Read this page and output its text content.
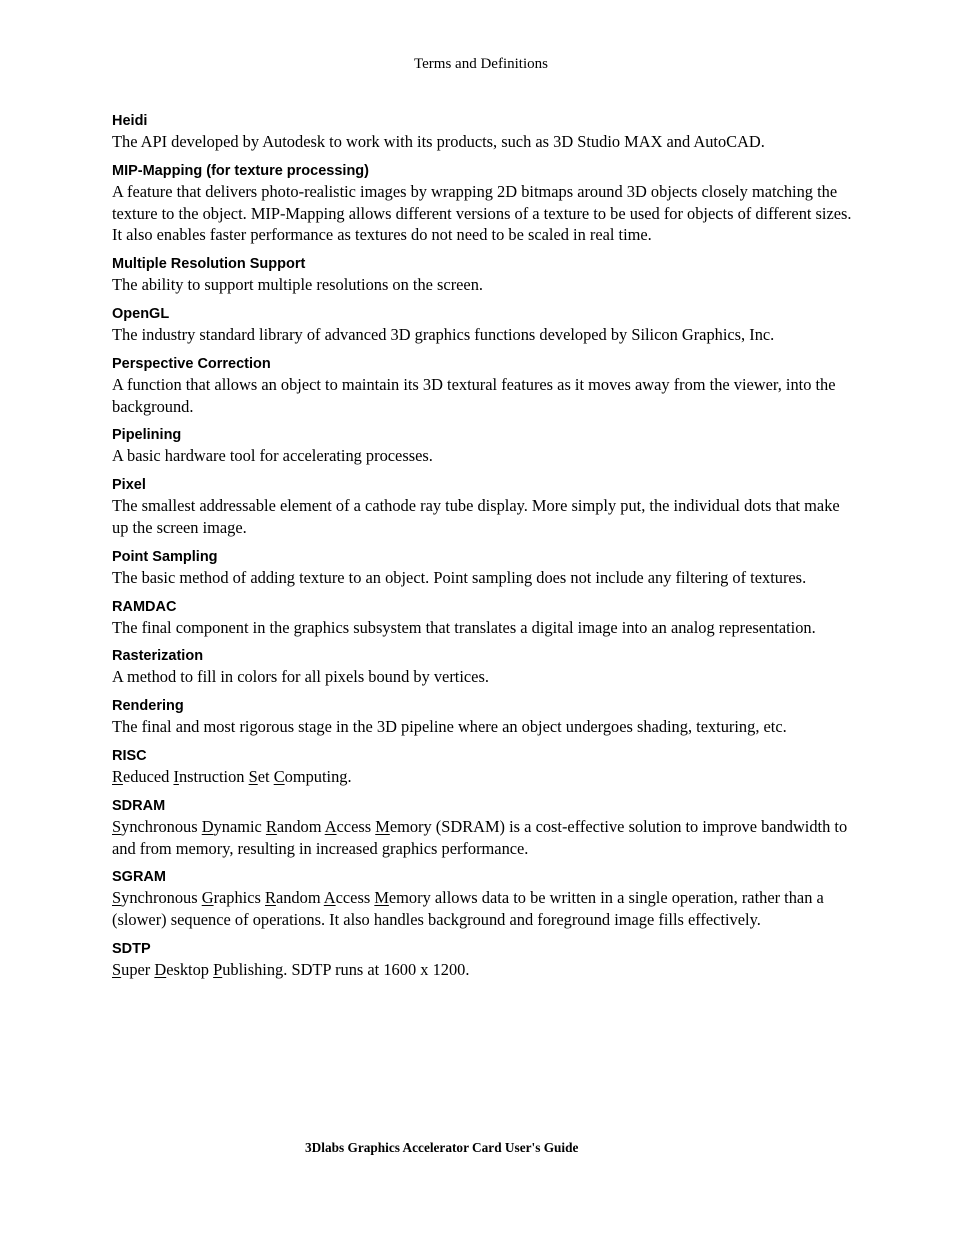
Terms and Definitions
Heidi
The API developed by Autodesk to work with its products, such as 3D Studio MAX and AutoCAD.
MIP-Mapping (for texture processing)
A feature that delivers photo-realistic images by wrapping 2D bitmaps around 3D objects closely matching the texture to the object. MIP-Mapping allows different versions of a texture to be used for objects of different sizes. It also enables faster performance as textures do not need to be scaled in real time.
Multiple Resolution Support
The ability to support multiple resolutions on the screen.
OpenGL
The industry standard library of advanced 3D graphics functions developed by Silicon Graphics, Inc.
Perspective Correction
A function that allows an object to maintain its 3D textural features as it moves away from the viewer, into the background.
Pipelining
A basic hardware tool for accelerating processes.
Pixel
The smallest addressable element of a cathode ray tube display. More simply put, the individual dots that make up the screen image.
Point Sampling
The basic method of adding texture to an object. Point sampling does not include any filtering of textures.
RAMDAC
The final component in the graphics subsystem that translates a digital image into an analog representation.
Rasterization
A method to fill in colors for all pixels bound by vertices.
Rendering
The final and most rigorous stage in the 3D pipeline where an object undergoes shading, texturing, etc.
RISC
Reduced Instruction Set Computing.
SDRAM
Synchronous Dynamic Random Access Memory (SDRAM) is a cost-effective solution to improve bandwidth to and from memory, resulting in increased graphics performance.
SGRAM
Synchronous Graphics Random Access Memory allows data to be written in a single operation, rather than a (slower) sequence of operations. It also handles background and foreground image fills effectively.
SDTP
Super Desktop Publishing. SDTP runs at 1600 x 1200.
3Dlabs Graphics Accelerator Card User's Guide
